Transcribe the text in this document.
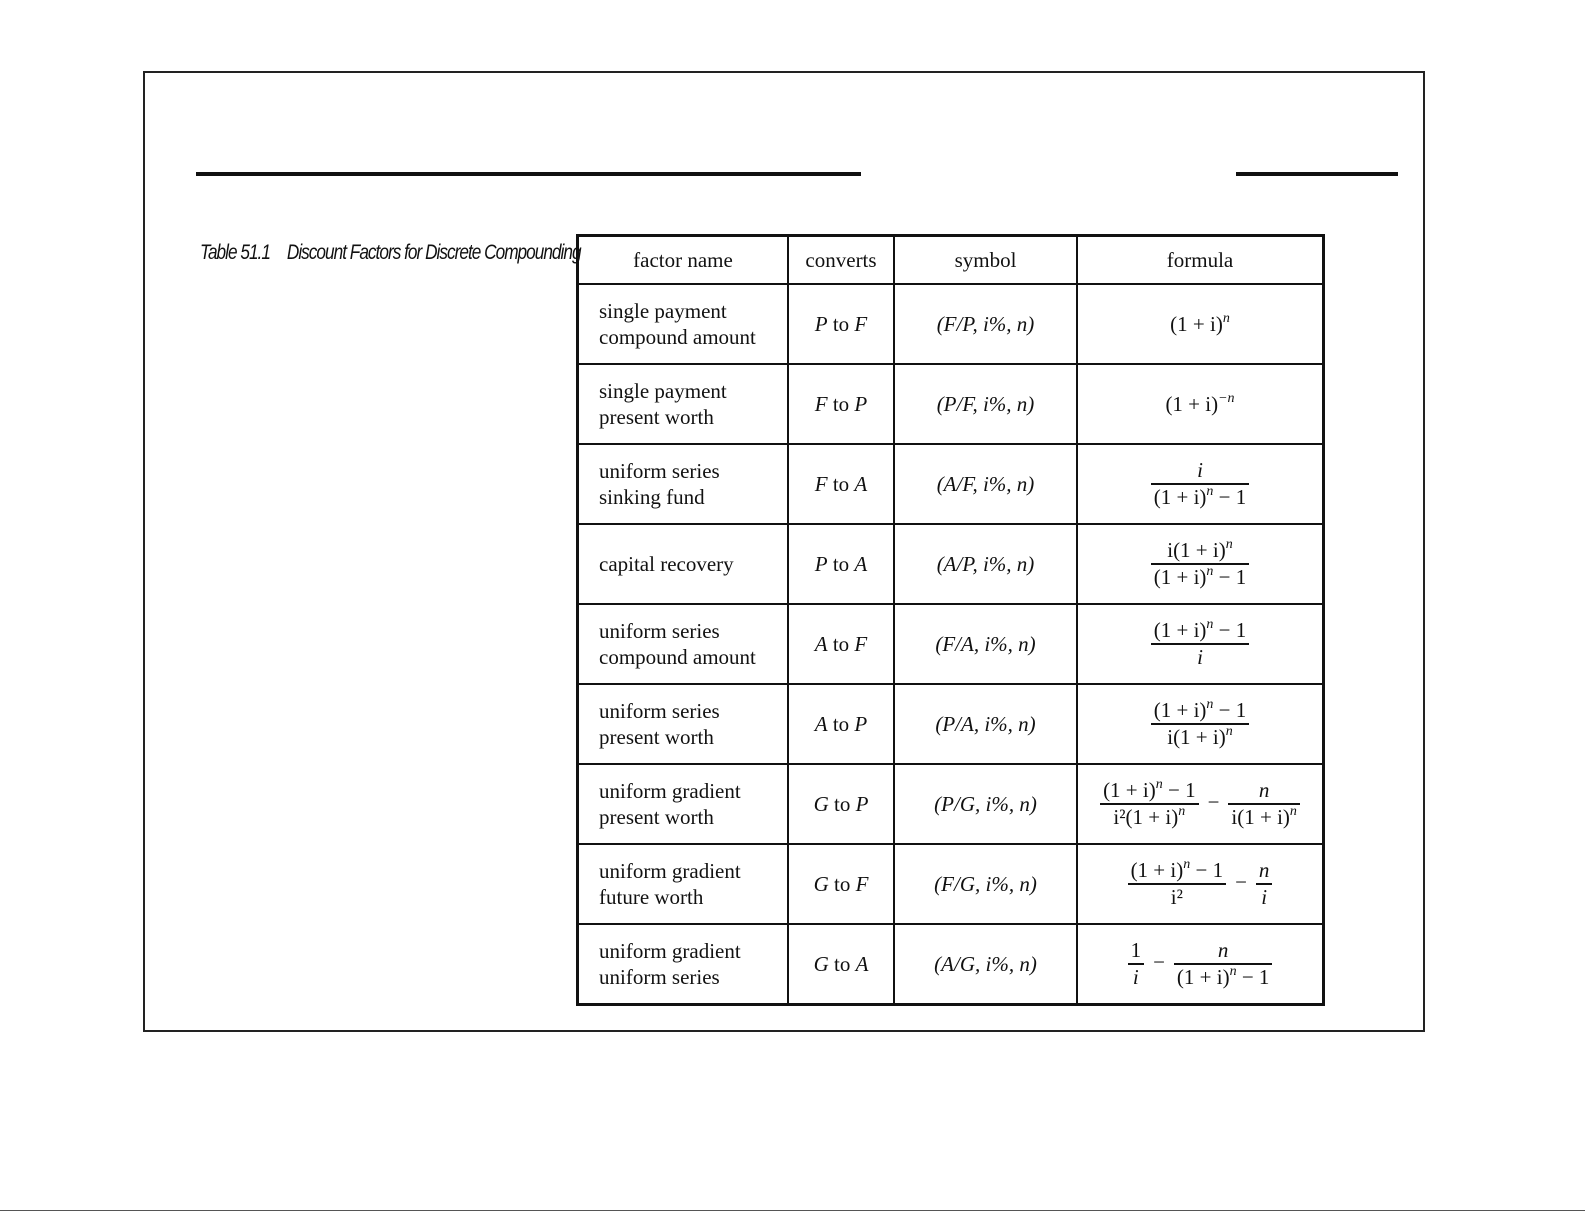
Table 51.1 Discount Factors for Discrete Compounding	factor name	converts	symbol	formula

single payment
compound amount	P to F	(F/P, i%, n)	$(1 + i)^n$

single payment
present worth	F to P	(P/F, i%, n)	$(1 + i)^{-n}$

uniform series
sinking fund	F to A	(A/F, i%, n)	$\frac{i}{(1 + i)^n - 1}$

capital recovery	P to A	(A/P, i%, n)	$\frac{i(1 + i)^n}{(1 + i)^n - 1}$

uniform series
compound amount	A to F	(F/A, i%, n)	$\frac{(1 + i)^n - 1}{i}$

uniform series
present worth	A to P	(P/A, i%, n)	$\frac{(1 + i)^n - 1}{i(1 + i)^n}$

uniform gradient
present worth	G to P	(P/G, i%, n)	$\frac{(1 + i)^n - 1}{i^2(1 + i)^n} - \frac{n}{i(1 + i)^n}$

uniform gradient
future worth	G to F	(F/G, i%, n)	$\frac{(1 + i)^n - 1}{\text{i²}} - \frac{n}{i}$

uniform gradient
uniform series	G to A	(A/G, i%, n)	$\frac{1}{i} - \frac{n}{(1 + i)^n - 1}$
